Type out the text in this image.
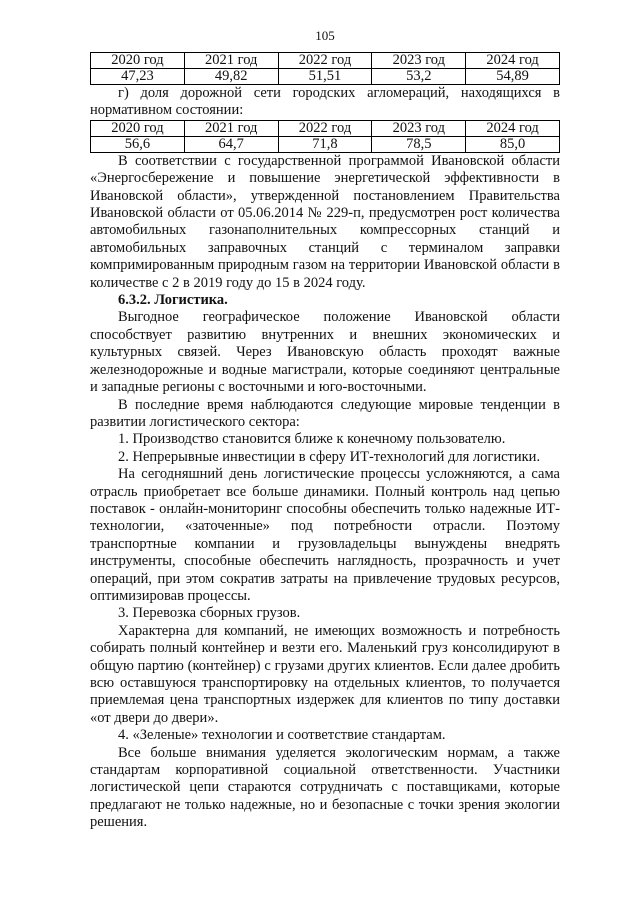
105
2020 год	2021 год	2022 год	2023 год	2024 год
47,23	49,82	51,51	53,2	54,89

г) доля дорожной сети городских агломераций, находящихся в нормативном состоянии:

2020 год	2021 год	2022 год	2023 год	2024 год
56,6	64,7	71,8	78,5	85,0

В соответствии с государственной программой Ивановской области «Энергосбережение и повышение энергетической эффективности в Ивановской области», утвержденной постановлением Правительства Ивановской области от 05.06.2014 № 229-п, предусмотрен рост количества автомобильных газонаполнительных компрессорных станций и автомобильных заправочных станций с терминалом заправки компримированным природным газом на территории Ивановской области в количестве с 2 в 2019 году до 15 в 2024 году.

6.3.2. Логистика.

Выгодное географическое положение Ивановской области способствует развитию внутренних и внешних экономических и культурных связей. Через Ивановскую область проходят важные железнодорожные и водные магистрали, которые соединяют центральные и западные регионы с восточными и юго-восточными.

В последние время наблюдаются следующие мировые тенденции в развитии логистического сектора:

1. Производство становится ближе к конечному пользователю.

2. Непрерывные инвестиции в сферу ИТ-технологий для логистики.

На сегодняшний день логистические процессы усложняются, а сама отрасль приобретает все больше динамики. Полный контроль над цепью поставок - онлайн-мониторинг способны обеспечить только надежные ИТ-технологии, «заточенные» под потребности отрасли. Поэтому транспортные компании и грузовладельцы вынуждены внедрять инструменты, способные обеспечить наглядность, прозрачность и учет операций, при этом сократив затраты на привлечение трудовых ресурсов, оптимизировав процессы.

3. Перевозка сборных грузов.

Характерна для компаний, не имеющих возможность и потребность собирать полный контейнер и везти его. Маленький груз консолидируют в общую партию (контейнер) с грузами других клиентов. Если далее дробить всю оставшуюся транспортировку на отдельных клиентов, то получается приемлемая цена транспортных издержек для клиентов по типу доставки «от двери до двери».

4. «Зеленые» технологии и соответствие стандартам.

Все больше внимания уделяется экологическим нормам, а также стандартам корпоративной социальной ответственности. Участники логистической цепи стараются сотрудничать с поставщиками, которые предлагают не только надежные, но и безопасные с точки зрения экологии решения.
